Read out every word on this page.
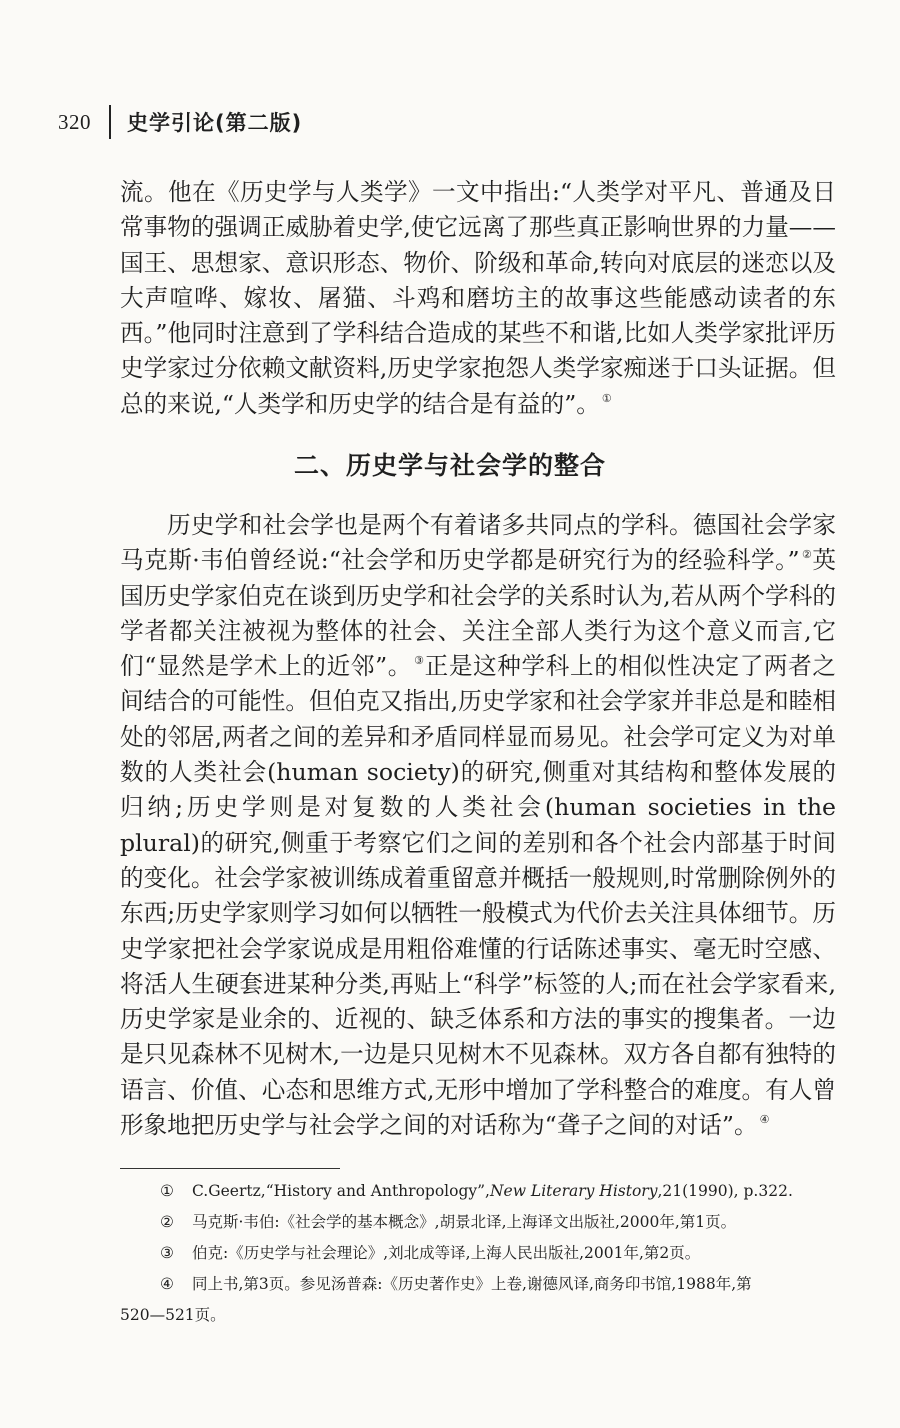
320 史学引论(第二版)

流。他在《历史学与人类学》一文中指出:“人类学对平凡、普通及日常事物的强调正威胁着史学,使它远离了那些真正影响世界的力量——国王、思想家、意识形态、物价、阶级和革命,转向对底层的迷恋以及大声喧哗、嫁妆、屠猫、斗鸡和磨坊主的故事这些能感动读者的东西。”他同时注意到了学科结合造成的某些不和谐,比如人类学家批评历史学家过分依赖文献资料,历史学家抱怨人类学家痴迷于口头证据。但总的来说,“人类学和历史学的结合是有益的”。 ①

二、历史学与社会学的整合

历史学和社会学也是两个有着诸多共同点的学科。德国社会学家马克斯·韦伯曾经说:“社会学和历史学都是研究行为的经验科学。” ②英国历史学家伯克在谈到历史学和社会学的关系时认为,若从两个学科的学者都关注被视为整体的社会、关注全部人类行为这个意义而言,它们“显然是学术上的近邻”。 ③正是这种学科上的相似性决定了两者之间结合的可能性。但伯克又指出,历史学家和社会学家并非总是和睦相处的邻居,两者之间的差异和矛盾同样显而易见。社会学可定义为对单数的人类社会(human society)的研究,侧重对其结构和整体发展的归纳;历史学则是对复数的人类社会(human societies in the plural)的研究,侧重于考察它们之间的差别和各个社会内部基于时间的变化。社会学家被训练成着重留意并概括一般规则,时常删除例外的东西;历史学家则学习如何以牺牲一般模式为代价去关注具体细节。历史学家把社会学家说成是用粗俗难懂的行话陈述事实、毫无时空感、将活人生硬套进某种分类,再贴上“科学”标签的人;而在社会学家看来,历史学家是业余的、近视的、缺乏体系和方法的事实的搜集者。一边是只见森林不见树木,一边是只见树木不见森林。双方各自都有独特的语言、价值、心态和思维方式,无形中增加了学科整合的难度。有人曾形象地把历史学与社会学之间的对话称为“聋子之间的对话”。 ④

① C.Geertz,“History and Anthropology”,New Literary History,21(1990), p.322.
② 马克斯·韦伯:《社会学的基本概念》,胡景北译,上海译文出版社,2000年,第1页。
③ 伯克:《历史学与社会理论》,刘北成等译,上海人民出版社,2001年,第2页。
④ 同上书,第3页。参见汤普森:《历史著作史》上卷,谢德风译,商务印书馆,1988年,第
520—521页。
